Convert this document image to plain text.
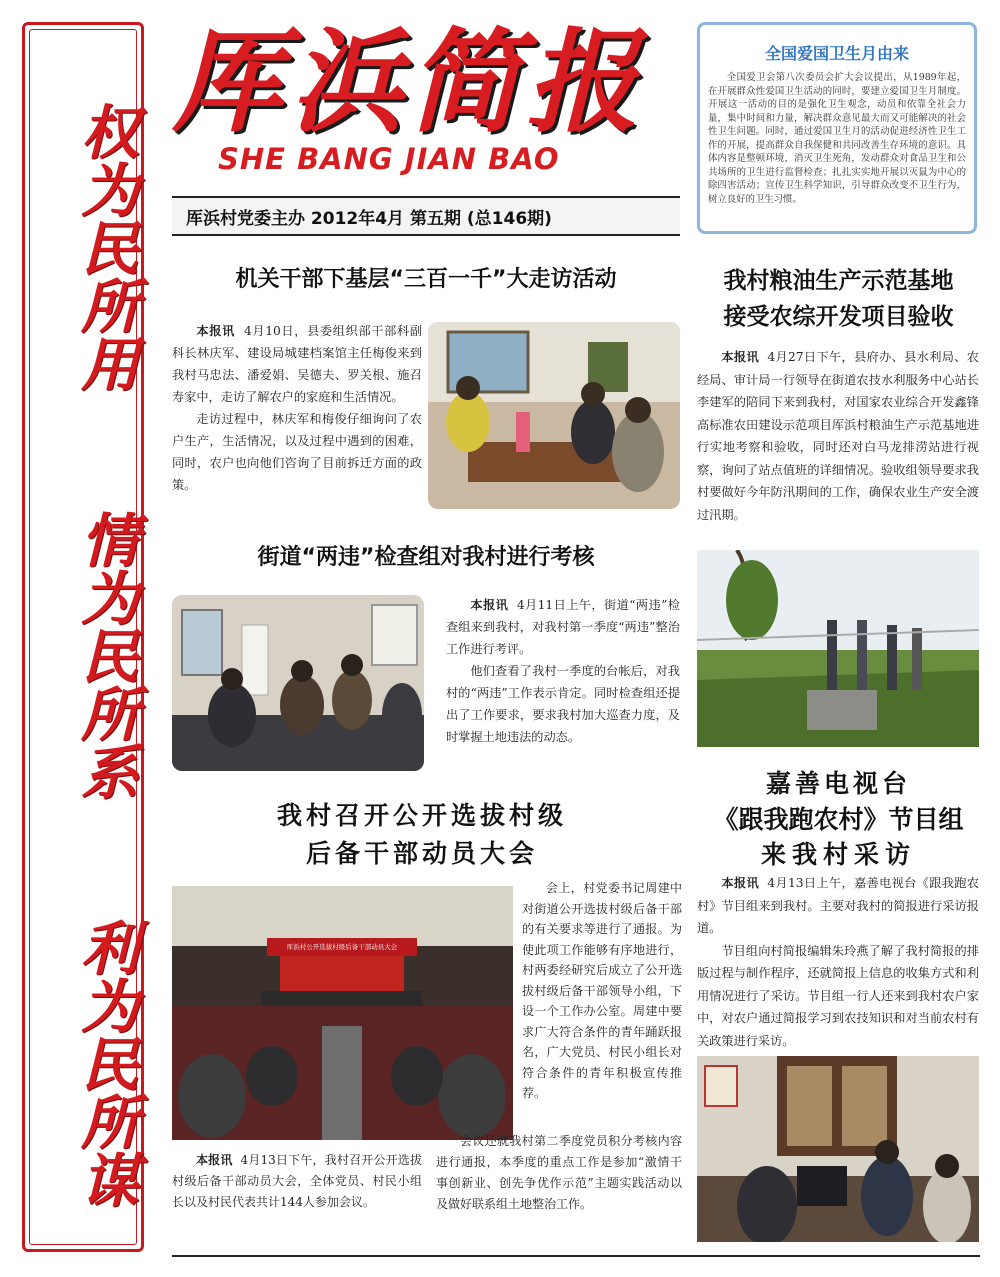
权为民所用
情为民所系
利为民所谋
厍浜简报
SHE BANG JIAN BAO
厍浜村党委主办 2012年4月 第五期 (总146期)
全国爱国卫生月由来
全国爱卫会第八次委员会扩大会议提出，从1989年起，在开展群众性爱国卫生活动的同时，要建立爱国卫生月制度。开展这一活动的目的是强化卫生观念，动员和依靠全社会力量，集中时间和力量，解决群众意见最大而又可能解决的社会性卫生问题。同时，通过爱国卫生月的活动促进经济性卫生工作的开展，提高群众自我保健和共同改善生存环境的意识。具体内容是整顿环境，消灭卫生死角，发动群众对食品卫生和公共场所的卫生进行监督检查；扎扎实实地开展以灭鼠为中心的除四害活动；宣传卫生科学知识，引导群众改变不卫生行为，树立良好的卫生习惯。
机关干部下基层“三百一千”大走访活动

本报讯 4月10日，县委组织部干部科副科长林庆军、建设局城建档案馆主任梅俊来到我村马忠法、潘爱娟、吴德夫、罗关根、施召寿家中，走访了解农户的家庭和生活情况。

走访过程中，林庆军和梅俊仔细询问了农户生产，生活情况，以及过程中遇到的困难，同时，农户也向他们咨询了目前拆迁方面的政策。

街道“两违”检查组对我村进行考核

本报讯 4月11日上午，街道“两违”检查组来到我村，对我村第一季度“两违”整治工作进行考评。

他们查看了我村一季度的台帐后，对我村的“两违”工作表示肯定。同时检查组还提出了工作要求，要求我村加大巡查力度，及时掌握土地违法的动态。

我村召开公开选拔村级
后备干部动员大会
厍浜村公开选拔村级后备干部动员大会

会上，村党委书记周建中对街道公开选拔村级后备干部的有关要求等进行了通报。为使此项工作能够有序地进行，村两委经研究后成立了公开选拔村级后备干部领导小组，下设一个工作办公室。周建中要求广大符合条件的青年踊跃报名，广大党员、村民小组长对符合条件的青年积极宣传推荐。

本报讯 4月13日下午，我村召开公开选拔村级后备干部动员大会，全体党员、村民小组长以及村民代表共计144人参加会议。

会议还就我村第二季度党员积分考核内容进行通报，本季度的重点工作是参加“激情干事创新业、创先争优作示范”主题实践活动以及做好联系组土地整治工作。

我村粮油生产示范基地
接受农综开发项目验收

本报讯 4月27日下午，县府办、县水利局、农经局、审计局一行领导在街道农技水利服务中心站长李建军的陪同下来到我村，对国家农业综合开发鑫锋高标准农田建设示范项目厍浜村粮油生产示范基地进行实地考察和验收，同时还对白马龙排涝站进行视察，询问了站点值班的详细情况。验收组领导要求我村要做好今年防汛期间的工作，确保农业生产安全渡过汛期。

嘉善电视台
《跟我跑农村》节目组
来我村采访

本报讯 4月13日上午，嘉善电视台《跟我跑农村》节目组来到我村。主要对我村的简报进行采访报道。

节目组向村简报编辑朱玲燕了解了我村简报的排版过程与制作程序，还就简报上信息的收集方式和利用情况进行了采访。节目组一行人还来到我村农户家中，对农户通过简报学习到农技知识和对当前农村有关政策进行采访。
